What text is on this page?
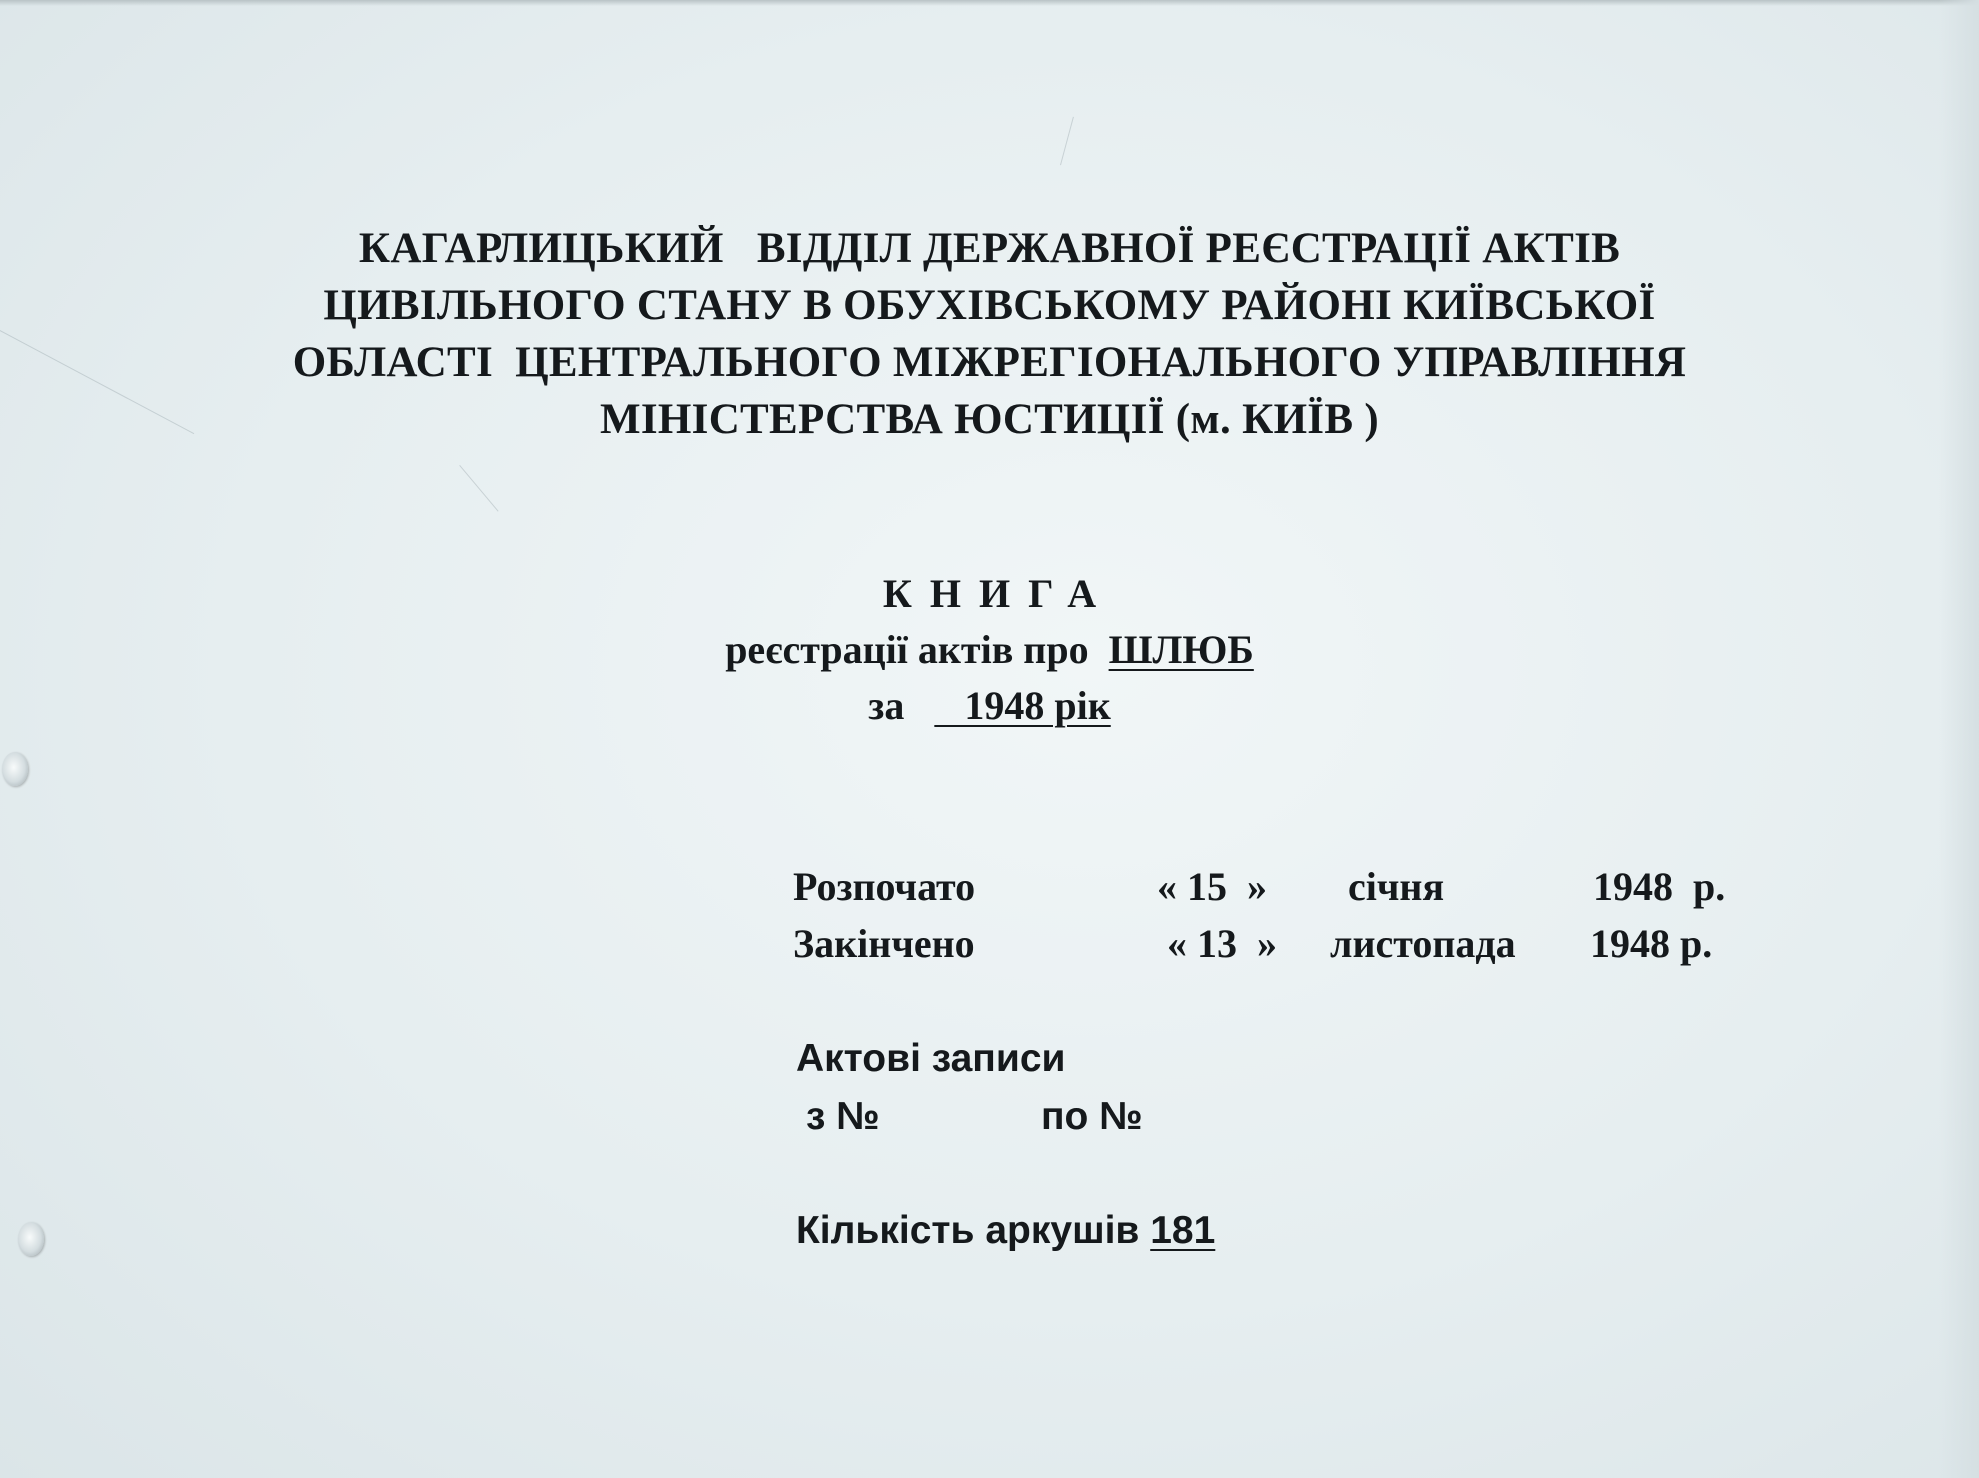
КАГАРЛИЦЬКИЙ   ВІДДІЛ ДЕРЖАВНОЇ РЕЄСТРАЦІЇ АКТІВ
ЦИВІЛЬНОГО СТАНУ В ОБУХІВСЬКОМУ РАЙОНІ КИЇВСЬКОЇ
ОБЛАСТІ  ЦЕНТРАЛЬНОГО МІЖРЕГІОНАЛЬНОГО УПРАВЛІННЯ
МІНІСТЕРСТВА ЮСТИЦІЇ (м. КИЇВ )
КНИГА
реєстрації актів про  ШЛЮБ
за      1948 рік
Розпочато	« 15  » січня	1948  р.
Закінчено	« 13  » листопада 1948 р.
Актові записи
з №	по №
Кількість аркушів 181
